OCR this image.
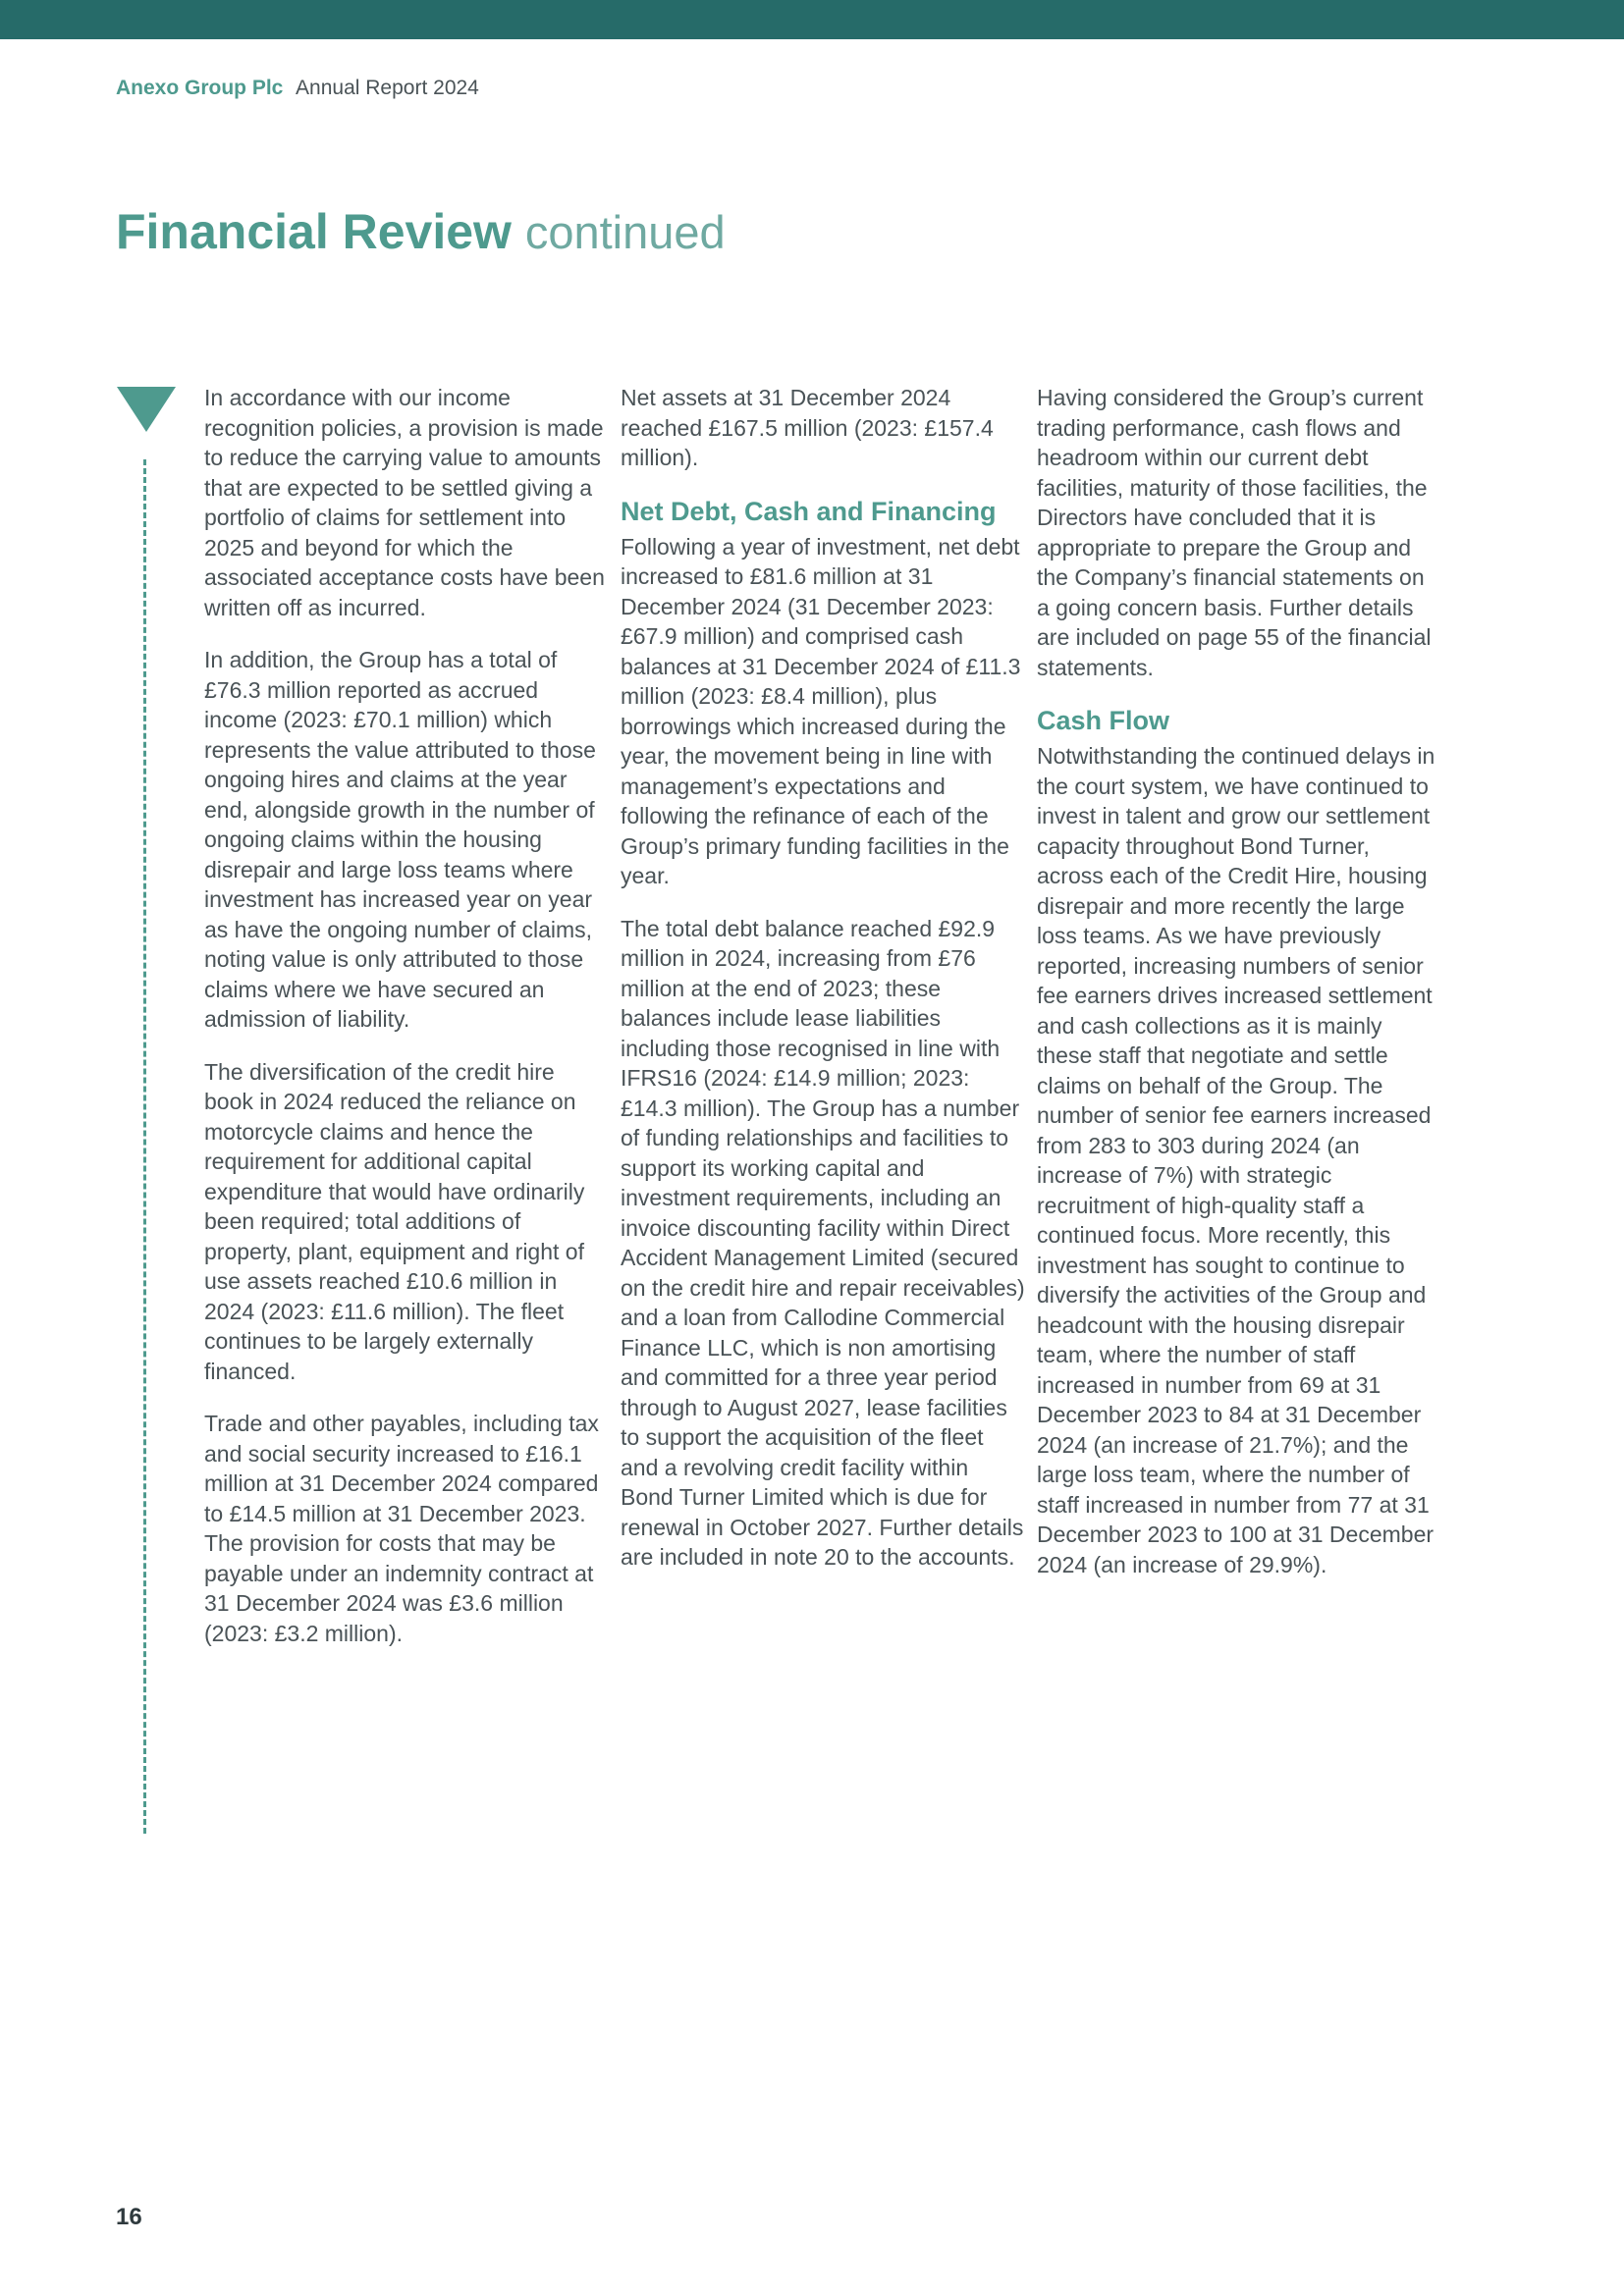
Anexo Group Plc Annual Report 2024
Financial Review continued

In accordance with our income recognition policies, a provision is made to reduce the carrying value to amounts that are expected to be settled giving a portfolio of claims for settlement into 2025 and beyond for which the associated acceptance costs have been written off as incurred.

In addition, the Group has a total of £76.3 million reported as accrued income (2023: £70.1 million) which represents the value attributed to those ongoing hires and claims at the year end, alongside growth in the number of ongoing claims within the housing disrepair and large loss teams where investment has increased year on year as have the ongoing number of claims, noting value is only attributed to those claims where we have secured an admission of liability.

The diversification of the credit hire book in 2024 reduced the reliance on motorcycle claims and hence the requirement for additional capital expenditure that would have ordinarily been required; total additions of property, plant, equipment and right of use assets reached £10.6 million in 2024 (2023: £11.6 million). The fleet continues to be largely externally financed.

Trade and other payables, including tax and social security increased to £16.1 million at 31 December 2024 compared to £14.5 million at 31 December 2023. The provision for costs that may be payable under an indemnity contract at 31 December 2024 was £3.6 million (2023: £3.2 million).

Net assets at 31 December 2024 reached £167.5 million (2023: £157.4 million).

Net Debt, Cash and Financing

Following a year of investment, net debt increased to £81.6 million at 31 December 2024 (31 December 2023: £67.9 million) and comprised cash balances at 31 December 2024 of £11.3 million (2023: £8.4 million), plus borrowings which increased during the year, the movement being in line with management’s expectations and following the refinance of each of the Group’s primary funding facilities in the year.

The total debt balance reached £92.9 million in 2024, increasing from £76 million at the end of 2023; these balances include lease liabilities including those recognised in line with IFRS16 (2024: £14.9 million; 2023: £14.3 million). The Group has a number of funding relationships and facilities to support its working capital and investment requirements, including an invoice discounting facility within Direct Accident Management Limited (secured on the credit hire and repair receivables) and a loan from Callodine Commercial Finance LLC, which is non amortising and committed for a three year period through to August 2027, lease facilities to support the acquisition of the fleet and a revolving credit facility within Bond Turner Limited which is due for renewal in October 2027. Further details are included in note 20 to the accounts.

Having considered the Group’s current trading performance, cash flows and headroom within our current debt facilities, maturity of those facilities, the Directors have concluded that it is appropriate to prepare the Group and the Company’s financial statements on a going concern basis. Further details are included on page 55 of the financial statements.

Cash Flow

Notwithstanding the continued delays in the court system, we have continued to invest in talent and grow our settlement capacity throughout Bond Turner, across each of the Credit Hire, housing disrepair and more recently the large loss teams. As we have previously reported, increasing numbers of senior fee earners drives increased settlement and cash collections as it is mainly these staff that negotiate and settle claims on behalf of the Group. The number of senior fee earners increased from 283 to 303 during 2024 (an increase of 7%) with strategic recruitment of high-quality staff a continued focus. More recently, this investment has sought to continue to diversify the activities of the Group and headcount with the housing disrepair team, where the number of staff increased in number from 69 at 31 December 2023 to 84 at 31 December 2024 (an increase of 21.7%); and the large loss team, where the number of staff increased in number from 77 at 31 December 2023 to 100 at 31 December 2024 (an increase of 29.9%).

16
